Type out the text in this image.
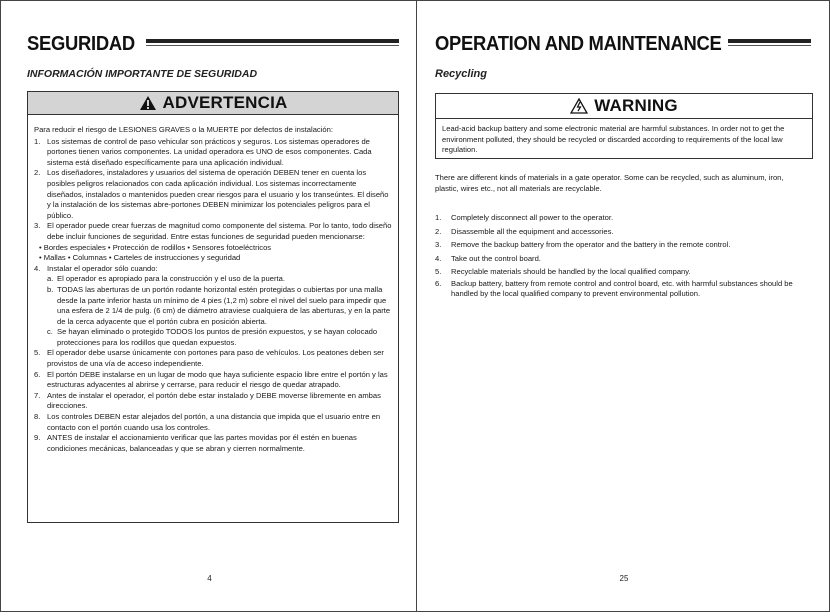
SEGURIDAD
INFORMACIÓN IMPORTANTE DE SEGURIDAD
ADVERTENCIA

Para reducir el riesgo de LESIONES GRAVES o la MUERTE por defectos de instalación:

1. Los sistemas de control de paso vehicular son prácticos y seguros. Los sistemas operadores de portones tienen varios componentes. La unidad operadora es UNO de esos componentes. Cada sistema está diseñado específicamente para una aplicación individual.
2. Los diseñadores, instaladores y usuarios del sistema de operación DEBEN tener en cuenta los posibles peligros relacionados con cada aplicación individual. Los sistemas incorrectamente diseñados, instalados o mantenidos pueden crear riesgos para el usuario y los transeúntes. El diseño y la instalación de los sistemas abre-portones DEBEN minimizar los potenciales peligros para el público.
3. El operador puede crear fuerzas de magnitud como componente del sistema. Por lo tanto, todo diseño debe incluir funciones de seguridad. Entre estas funciones de seguridad pueden mencionarse:
• Bordes especiales • Protección de rodillos • Sensores fotoeléctricos
• Mallas • Columnas • Carteles de instrucciones y seguridad
4. Instalar el operador sólo cuando:
a. El operador es apropiado para la construcción y el uso de la puerta.
b. TODAS las aberturas de un portón rodante horizontal estén protegidas o cubiertas por una malla desde la parte inferior hasta un mínimo de 4 pies (1,2 m) sobre el nivel del suelo para impedir que una esfera de 2 1/4 de pulg. (6 cm) de diámetro atraviese cualquiera de las aberturas, y en la parte de la cerca adyacente que el portón cubra en posición abierta.
c. Se hayan eliminado o protegido TODOS los puntos de presión expuestos, y se hayan colocado protecciones para los rodillos que quedan expuestos.
5. El operador debe usarse únicamente con portones para paso de vehículos. Los peatones deben ser provistos de una vía de acceso independiente.
6. El portón DEBE instalarse en un lugar de modo que haya suficiente espacio libre entre el portón y las estructuras adyacentes al abrirse y cerrarse, para reducir el riesgo de quedar atrapado.
7. Antes de instalar el operador, el portón debe estar instalado y DEBE moverse libremente en ambas direcciones.
8. Los controles DEBEN estar alejados del portón, a una distancia que impida que el usuario entre en contacto con el portón cuando usa los controles.
9. ANTES de instalar el accionamiento verificar que las partes movidas por él estén en buenas condiciones mecánicas, balanceadas y que se abran y cierren normalmente.
4
OPERATION AND MAINTENANCE
Recycling
WARNING
Lead-acid backup battery and some electronic material are harmful substances. In order not to get the environment polluted, they should be recycled or discarded according to requirements of the local law regulation.
There are different kinds of materials in a gate operator. Some can be recycled, such as aluminum, iron, plastic, wires etc., not all materials are recyclable.
1. Completely disconnect all power to the operator.
2. Disassemble all the equipment and accessories.
3. Remove the backup battery from the operator and the battery in the remote control.
4. Take out the control board.
5. Recyclable materials should be handled by the local qualified company.
6. Backup battery, battery from remote control and control board, etc. with harmful substances should be handled by the local qualified company to prevent environmental pollution.
25
